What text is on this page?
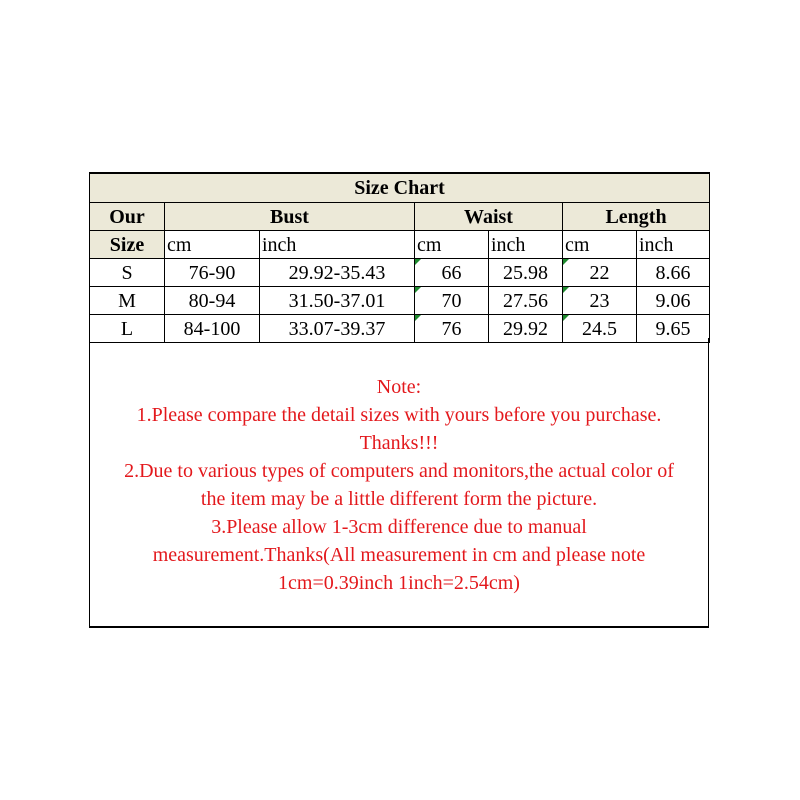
Size Chart						
Our	Bust		Waist		Length	
Size	cm	inch	cm	inch	cm	inch
S	76-90	29.92-35.43	66	25.98	22	8.66
M	80-94	31.50-37.01	70	27.56	23	9.06
L	84-100	33.07-39.37	76	29.92	24.5	9.65

Note:

1.Please compare the detail sizes with yours before you purchase.
Thanks!!!
2.Due to various types of computers and monitors,the actual color of
the item may be a little different form the picture.
3.Please allow 1-3cm difference due to manual
measurement.Thanks(All measurement in cm and please note
1cm=0.39inch 1inch=2.54cm)
